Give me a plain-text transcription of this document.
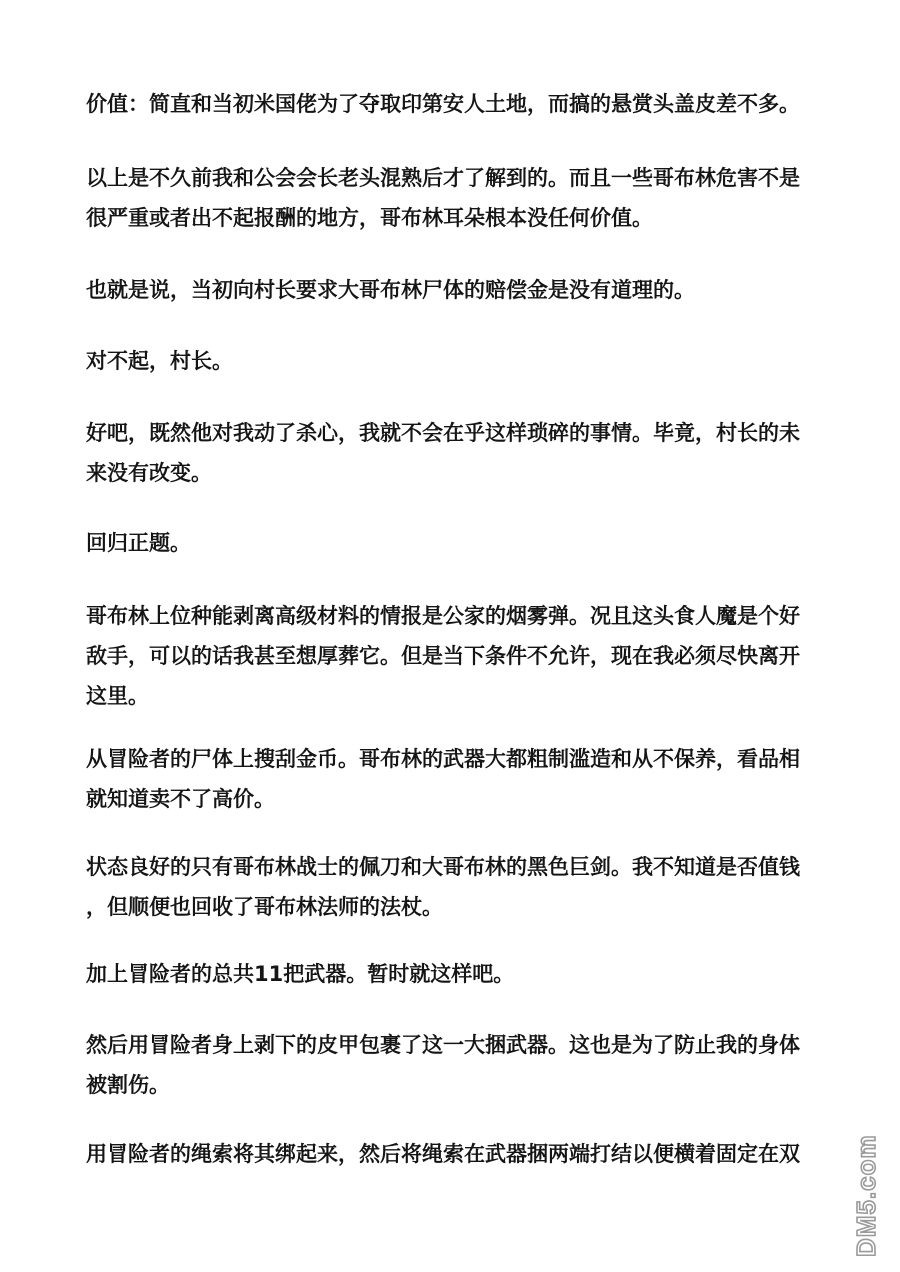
价值：简直和当初米国佬为了夺取印第安人土地，而搞的悬赏头盖皮差不多。

以上是不久前我和公会会长老头混熟后才了解到的。而且一些哥布林危害不是
很严重或者出不起报酬的地方，哥布林耳朵根本没任何价值。

也就是说，当初向村长要求大哥布林尸体的赔偿金是没有道理的。

对不起，村长。

好吧，既然他对我动了杀心，我就不会在乎这样琐碎的事情。毕竟，村长的未
来没有改变。

回归正题。

哥布林上位种能剥离高级材料的情报是公家的烟雾弹。况且这头食人魔是个好
敌手，可以的话我甚至想厚葬它。但是当下条件不允许，现在我必须尽快离开
这里。

从冒险者的尸体上搜刮金币。哥布林的武器大都粗制滥造和从不保养，看品相
就知道卖不了高价。

状态良好的只有哥布林战士的佩刀和大哥布林的黑色巨剑。我不知道是否值钱
，但顺便也回收了哥布林法师的法杖。

加上冒险者的总共11把武器。暂时就这样吧。

然后用冒险者身上剥下的皮甲包裹了这一大捆武器。这也是为了防止我的身体
被割伤。

用冒险者的绳索将其绑起来，然后将绳索在武器捆两端打结以便横着固定在双	DM5.com
